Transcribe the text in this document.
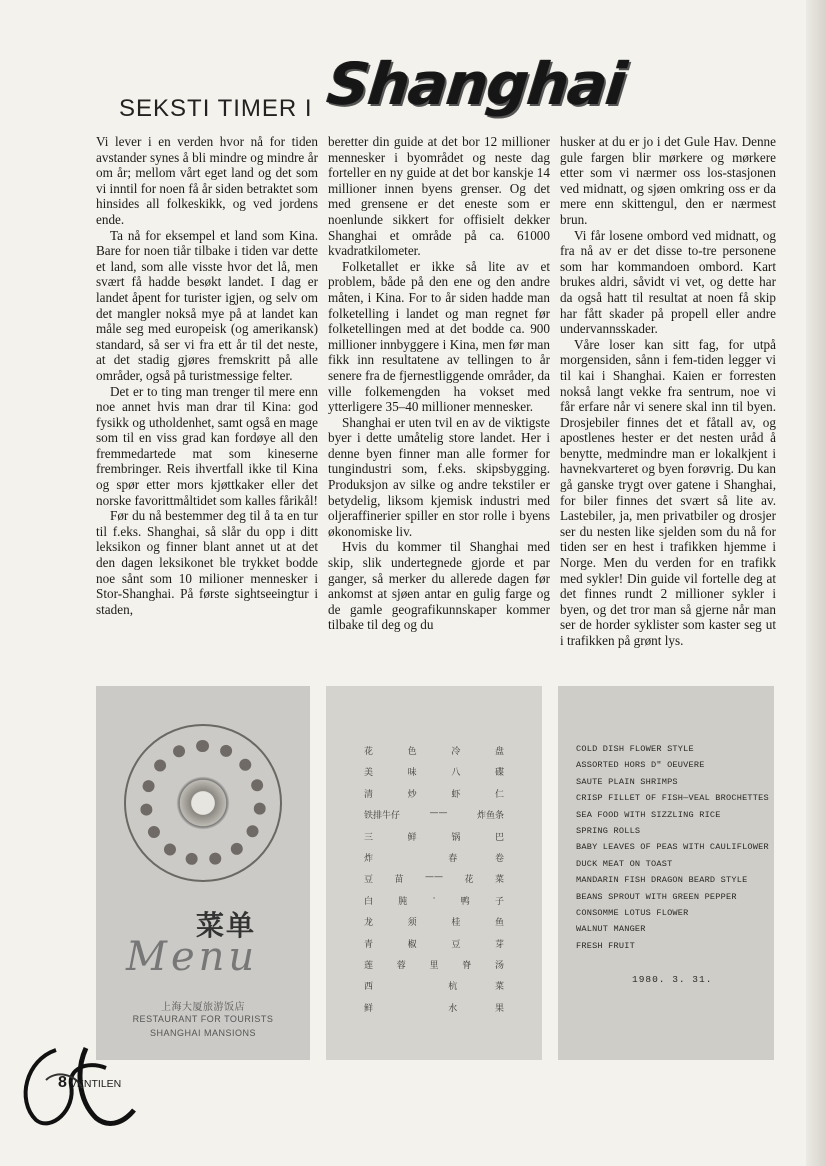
SEKSTI TIMER I Shanghai

Vi lever i en verden hvor nå for tiden avstander synes å bli mindre og mindre år om år; mellom vårt eget land og det som vi inntil for noen få år siden betraktet som hinsides all folkeskikk, og ved jordens ende.

Ta nå for eksempel et land som Kina. Bare for noen tiår tilbake i tiden var dette et land, som alle visste hvor det lå, men svært få hadde besøkt landet. I dag er landet åpent for turister igjen, og selv om det mangler nokså mye på at landet kan måle seg med europeisk (og amerikansk) standard, så ser vi fra ett år til det neste, at det stadig gjøres fremskritt på alle områder, også på turistmessige felter.

Det er to ting man trenger til mere enn noe annet hvis man drar til Kina: god fysikk og utholdenhet, samt også en mage som til en viss grad kan fordøye all den fremmedartede mat som kineserne frembringer. Reis ihvertfall ikke til Kina og spør etter mors kjøttkaker eller det norske favorittmåltidet som kalles fårikål!

Før du nå bestemmer deg til å ta en tur til f.eks. Shanghai, så slår du opp i ditt leksikon og finner blant annet ut at det den dagen leksikonet ble trykket bodde noe sånt som 10 milioner mennesker i Stor-Shanghai. På første sightseeingtur i staden,

beretter din guide at det bor 12 millioner mennesker i byområdet og neste dag forteller en ny guide at det bor kanskje 14 millioner innen byens grenser. Og det med grensene er det eneste som er noenlunde sikkert for offisielt dekker Shanghai et område på ca. 61000 kvadratkilometer.

Folketallet er ikke så lite av et problem, både på den ene og den andre måten, i Kina. For to år siden hadde man folketelling i landet og man regnet før folketellingen med at det bodde ca. 900 millioner innbyggere i Kina, men før man fikk inn resultatene av tellingen to år senere fra de fjernestliggende områder, da ville folkemengden ha vokset med ytterligere 35–40 millioner mennesker.

Shanghai er uten tvil en av de viktigste byer i dette umåtelig store landet. Her i denne byen finner man alle former for tungindustri som, f.eks. skipsbygging. Produksjon av silke og andre tekstiler er betydelig, liksom kjemisk industri med oljeraffinerier spiller en stor rolle i byens økonomiske liv.

Hvis du kommer til Shanghai med skip, slik undertegnede gjorde et par ganger, så merker du allerede dagen før ankomst at sjøen antar en gulig farge og de gamle geografikunnskaper kommer tilbake til deg og du

husker at du er jo i det Gule Hav. Denne gule fargen blir mørkere og mørkere etter som vi nærmer oss los-stasjonen ved midnatt, og sjøen omkring oss er da mere enn skittengul, den er nærmest brun.

Vi får losene ombord ved midnatt, og fra nå av er det disse to-tre personene som har kommandoen ombord. Kart brukes aldri, såvidt vi vet, og dette har da også hatt til resultat at noen få skip har fått skader på propell eller andre undervannsskader.

Våre loser kan sitt fag, for utpå morgensiden, sånn i fem-tiden legger vi til kai i Shanghai. Kaien er forresten nokså langt vekke fra sentrum, noe vi får erfare når vi senere skal inn til byen. Drosjebiler finnes det et fåtall av, og apostlenes hester er det nesten uråd å benytte, medmindre man er lokalkjent i havnekvarteret og byen forøvrig. Du kan gå ganske trygt over gatene i Shanghai, for biler finnes det svært så lite av. Lastebiler, ja, men privatbiler og drosjer ser du nesten like sjelden som du nå for tiden ser en hest i trafikken hjemme i Norge. Men du verden for en trafikk med sykler! Din guide vil fortelle deg at det finnes rundt 2 millioner sykler i byen, og det tror man så gjerne når man ser de horder syklister som kaster seg ut i trafikken på grønt lys.

菜单
Menu
上海大厦旅游饭店
RESTAURANT FOR TOURISTS
SHANGHAI MANSIONS
花	色	冷	盘
美	味	八	碟
清	炒	虾	仁
铁排牛仔	——	炸鱼条
三	鲜	锅	巴
炸	春	卷
豆 苗 —— 花 菜
白	肫	·	鸭	子
龙	须	桂	鱼
青	椒	豆	芽
莲	蓉	里	脊	汤
西	杭	菜
鲜	水	果
COLD DISH FLOWER STYLE
ASSORTED HORS D" OEUVERE
SAUTE PLAIN SHRIMPS
CRISP FILLET OF FISH—VEAL BROCHETTES
SEA FOOD WITH SIZZLING RICE
SPRING ROLLS
BABY LEAVES OF PEAS WITH CAULIFLOWER
DUCK MEAT ON TOAST
MANDARIN FISH DRAGON BEARD STYLE
BEANS SPROUT WITH GREEN PEPPER
CONSOMME LOTUS FLOWER
WALNUT MANGER
FRESH FRUIT
1980. 3. 31.
8 VENTILEN
